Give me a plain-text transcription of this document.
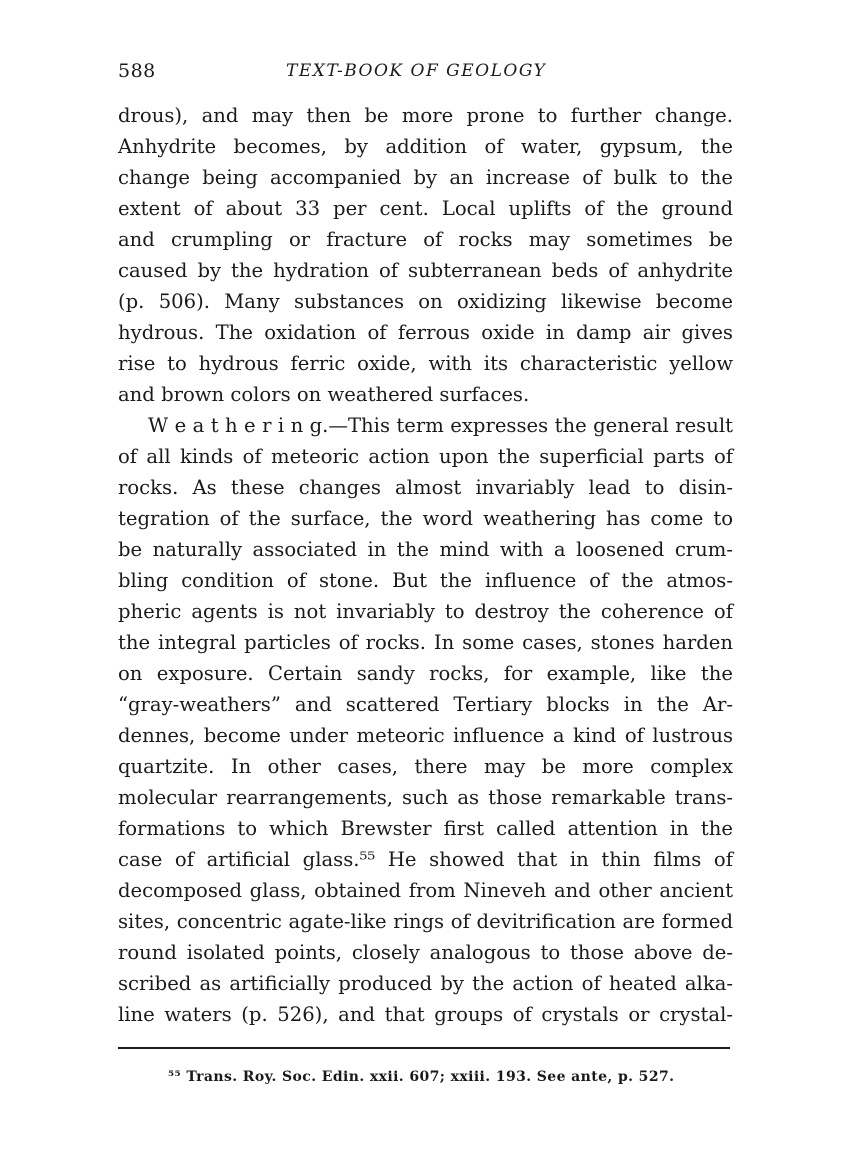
588	TEXT-BOOK OF GEOLOGY
drous), and may then be more prone to further change.
Anhydrite becomes, by addition of water, gypsum, the
change being accompanied by an increase of bulk to the
extent of about 33 per cent. Local uplifts of the ground
and crumpling or fracture of rocks may sometimes be
caused by the hydration of subterranean beds of anhydrite
(p. 506). Many substances on oxidizing likewise become
hydrous. The oxidation of ferrous oxide in damp air gives
rise to hydrous ferric oxide, with its characteristic yellow
and brown colors on weathered surfaces.
W e a t h e r i n g.—This term expresses the general result
of all kinds of meteoric action upon the superficial parts of
rocks. As these changes almost invariably lead to disin-
tegration of the surface, the word weathering has come to
be naturally associated in the mind with a loosened crum-
bling condition of stone. But the influence of the atmos-
pheric agents is not invariably to destroy the coherence of
the integral particles of rocks. In some cases, stones harden
on exposure. Certain sandy rocks, for example, like the
“gray-weathers” and scattered Tertiary blocks in the Ar-
dennes, become under meteoric influence a kind of lustrous
quartzite. In other cases, there may be more complex
molecular rearrangements, such as those remarkable trans-
formations to which Brewster first called attention in the
case of artificial glass.⁵⁵ He showed that in thin films of
decomposed glass, obtained from Nineveh and other ancient
sites, concentric agate-like rings of devitrification are formed
round isolated points, closely analogous to those above de-
scribed as artificially produced by the action of heated alka-
line waters (p. 526), and that groups of crystals or crystal-
⁵⁵ Trans. Roy. Soc. Edin. xxii. 607; xxiii. 193. See ante, p. 527.
